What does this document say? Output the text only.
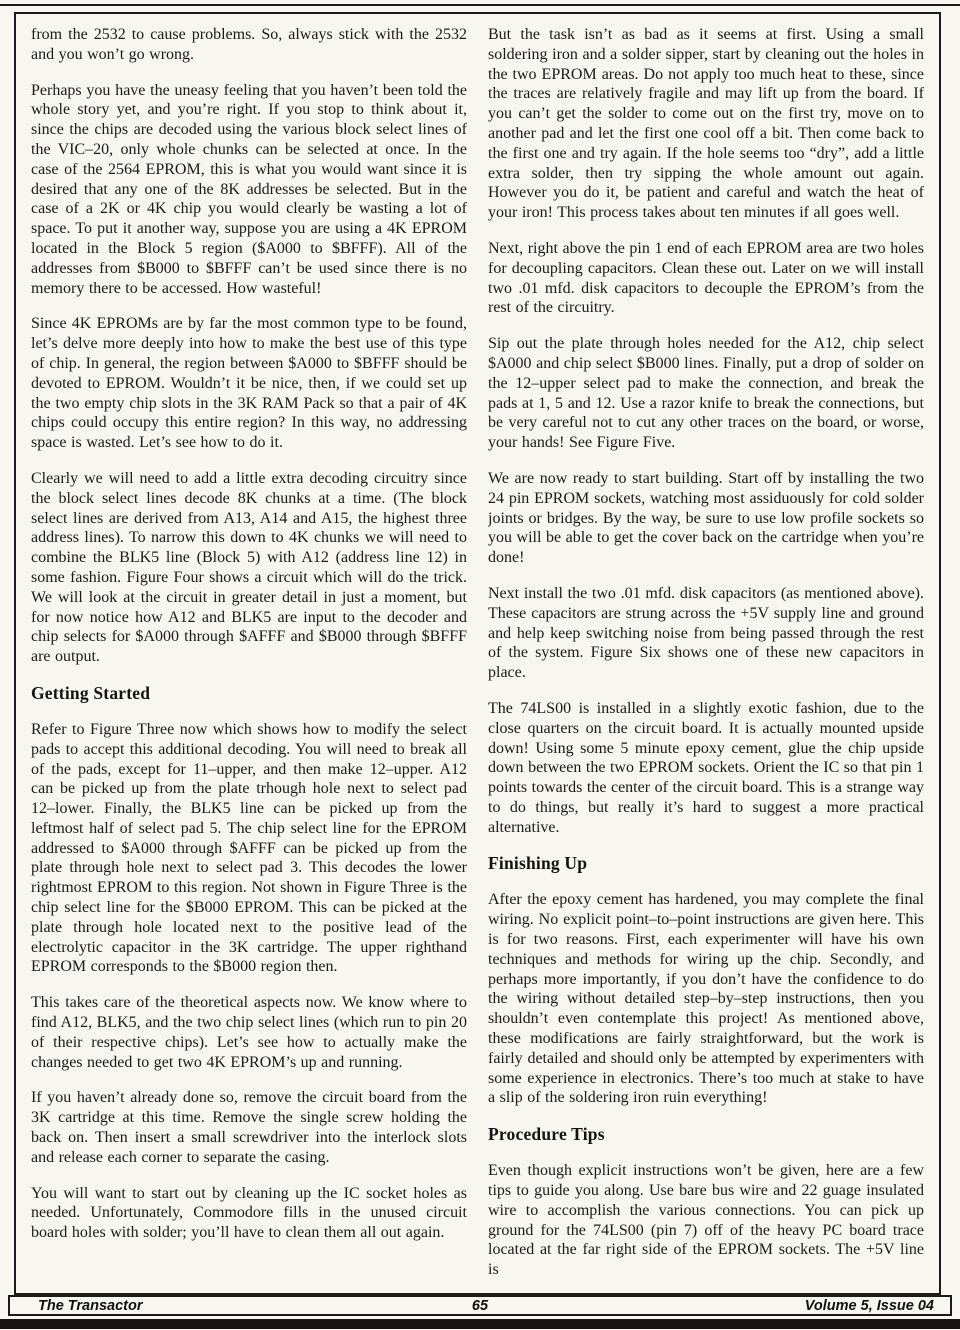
from the 2532 to cause problems. So, always stick with the 2532 and you won’t go wrong.

Perhaps you have the uneasy feeling that you haven’t been told the whole story yet, and you’re right. If you stop to think about it, since the chips are decoded using the various block select lines of the VIC–20, only whole chunks can be selected at once. In the case of the 2564 EPROM, this is what you would want since it is desired that any one of the 8K addresses be selected. But in the case of a 2K or 4K chip you would clearly be wasting a lot of space. To put it another way, suppose you are using a 4K EPROM located in the Block 5 region ($A000 to $BFFF). All of the addresses from $B000 to $BFFF can’t be used since there is no memory there to be accessed. How wasteful!

Since 4K EPROMs are by far the most common type to be found, let’s delve more deeply into how to make the best use of this type of chip. In general, the region between $A000 to $BFFF should be devoted to EPROM. Wouldn’t it be nice, then, if we could set up the two empty chip slots in the 3K RAM Pack so that a pair of 4K chips could occupy this entire region? In this way, no addressing space is wasted. Let’s see how to do it.

Clearly we will need to add a little extra decoding circuitry since the block select lines decode 8K chunks at a time. (The block select lines are derived from A13, A14 and A15, the highest three address lines). To narrow this down to 4K chunks we will need to combine the BLK5 line (Block 5) with A12 (address line 12) in some fashion. Figure Four shows a circuit which will do the trick. We will look at the circuit in greater detail in just a moment, but for now notice how A12 and BLK5 are input to the decoder and chip selects for $A000 through $AFFF and $B000 through $BFFF are output.

Getting Started

Refer to Figure Three now which shows how to modify the select pads to accept this additional decoding. You will need to break all of the pads, except for 11–upper, and then make 12–upper. A12 can be picked up from the plate trhough hole next to select pad 12–lower. Finally, the BLK5 line can be picked up from the leftmost half of select pad 5. The chip select line for the EPROM addressed to $A000 through $AFFF can be picked up from the plate through hole next to select pad 3. This decodes the lower rightmost EPROM to this region. Not shown in Figure Three is the chip select line for the $B000 EPROM. This can be picked at the plate through hole located next to the positive lead of the electrolytic capacitor in the 3K cartridge. The upper righthand EPROM corresponds to the $B000 region then.

This takes care of the theoretical aspects now. We know where to find A12, BLK5, and the two chip select lines (which run to pin 20 of their respective chips). Let’s see how to actually make the changes needed to get two 4K EPROM’s up and running.

If you haven’t already done so, remove the circuit board from the 3K cartridge at this time. Remove the single screw holding the back on. Then insert a small screwdriver into the interlock slots and release each corner to separate the casing.

You will want to start out by cleaning up the IC socket holes as needed. Unfortunately, Commodore fills in the unused circuit board holes with solder; you’ll have to clean them all out again.

But the task isn’t as bad as it seems at first. Using a small soldering iron and a solder sipper, start by cleaning out the holes in the two EPROM areas. Do not apply too much heat to these, since the traces are relatively fragile and may lift up from the board. If you can’t get the solder to come out on the first try, move on to another pad and let the first one cool off a bit. Then come back to the first one and try again. If the hole seems too “dry”, add a little extra solder, then try sipping the whole amount out again. However you do it, be patient and careful and watch the heat of your iron! This process takes about ten minutes if all goes well.

Next, right above the pin 1 end of each EPROM area are two holes for decoupling capacitors. Clean these out. Later on we will install two .01 mfd. disk capacitors to decouple the EPROM’s from the rest of the circuitry.

Sip out the plate through holes needed for the A12, chip select $A000 and chip select $B000 lines. Finally, put a drop of solder on the 12–upper select pad to make the connection, and break the pads at 1, 5 and 12. Use a razor knife to break the connections, but be very careful not to cut any other traces on the board, or worse, your hands! See Figure Five.

We are now ready to start building. Start off by installing the two 24 pin EPROM sockets, watching most assiduously for cold solder joints or bridges. By the way, be sure to use low profile sockets so you will be able to get the cover back on the cartridge when you’re done!

Next install the two .01 mfd. disk capacitors (as mentioned above). These capacitors are strung across the +5V supply line and ground and help keep switching noise from being passed through the rest of the system. Figure Six shows one of these new capacitors in place.

The 74LS00 is installed in a slightly exotic fashion, due to the close quarters on the circuit board. It is actually mounted upside down! Using some 5 minute epoxy cement, glue the chip upside down between the two EPROM sockets. Orient the IC so that pin 1 points towards the center of the circuit board. This is a strange way to do things, but really it’s hard to suggest a more practical alternative.

Finishing Up

After the epoxy cement has hardened, you may complete the final wiring. No explicit point–to–point instructions are given here. This is for two reasons. First, each experimenter will have his own techniques and methods for wiring up the chip. Secondly, and perhaps more importantly, if you don’t have the confidence to do the wiring without detailed step–by–step instructions, then you shouldn’t even contemplate this project! As mentioned above, these modifications are fairly straightforward, but the work is fairly detailed and should only be attempted by experimenters with some experience in electronics. There’s too much at stake to have a slip of the soldering iron ruin everything!

Procedure Tips

Even though explicit instructions won’t be given, here are a few tips to guide you along. Use bare bus wire and 22 guage insulated wire to accomplish the various connections. You can pick up ground for the 74LS00 (pin 7) off of the heavy PC board trace located at the far right side of the EPROM sockets. The +5V line is

The Transactor	65	Volume 5, Issue 04
